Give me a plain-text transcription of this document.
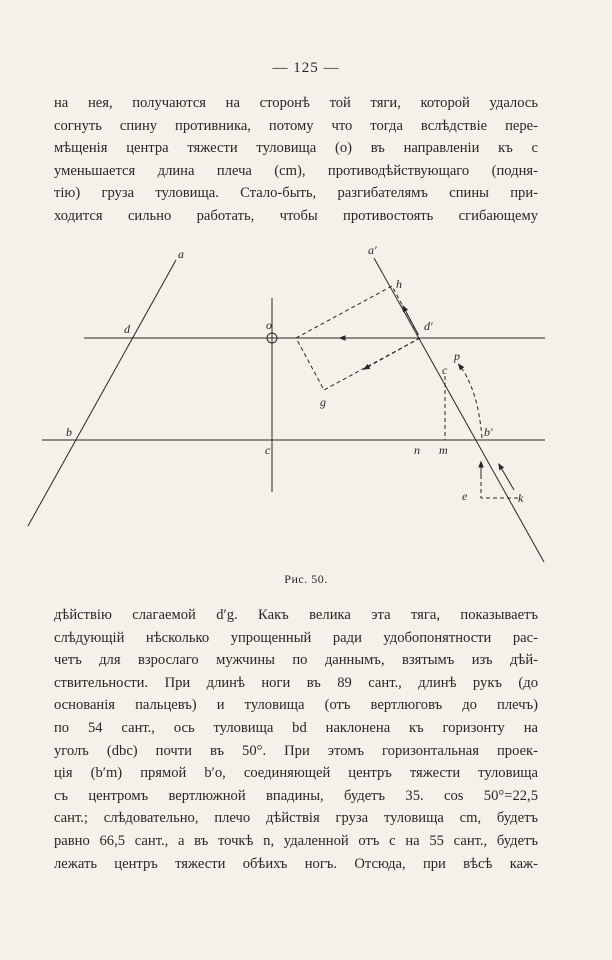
— 125 —
на нея, получаются на сторонѣ той тяги, которой удалось
согнуть спину противника, потому что тогда вслѣдствіе пере-
мѣщенія центра тяжести туловища (o) въ направленіи къ c
уменьшается длина плеча (cm), противодѣйствующаго (подня-
тію) груза туловища. Стало-быть, разгибателямъ спины при-
ходится сильно работать, чтобы противостоять сгибающему
a	a′
d	d′
o
h
p
c
g
b	b′
c	n m
e	k
Рис. 50.
дѣйствію слагаемой d′g. Какъ велика эта тяга, показываетъ
слѣдующій нѣсколько упрощенный ради удобопонятности рас-
четъ для взрослаго мужчины по даннымъ, взятымъ изъ дѣй-
ствительности. При длинѣ ноги въ 89 сант., длинѣ рукъ (до
основанія пальцевъ) и туловища (отъ вертлюговъ до плечъ)
по 54 сант., ось туловища bd наклонена къ горизонту на
уголъ (dbc) почти въ 50°. При этомъ горизонтальная проек-
ція (b′m) прямой b′o, соединяющей центръ тяжести туловища
съ центромъ вертлюжной впадины, будетъ 35. cos 50°=22,5
сант.; слѣдовательно, плечо дѣйствія груза туловища cm, будетъ
равно 66,5 сант., а въ точкѣ n, удаленной отъ c на 55 сант., будетъ
лежать центръ тяжести обѣихъ ногъ. Отсюда, при вѣсѣ каж-
